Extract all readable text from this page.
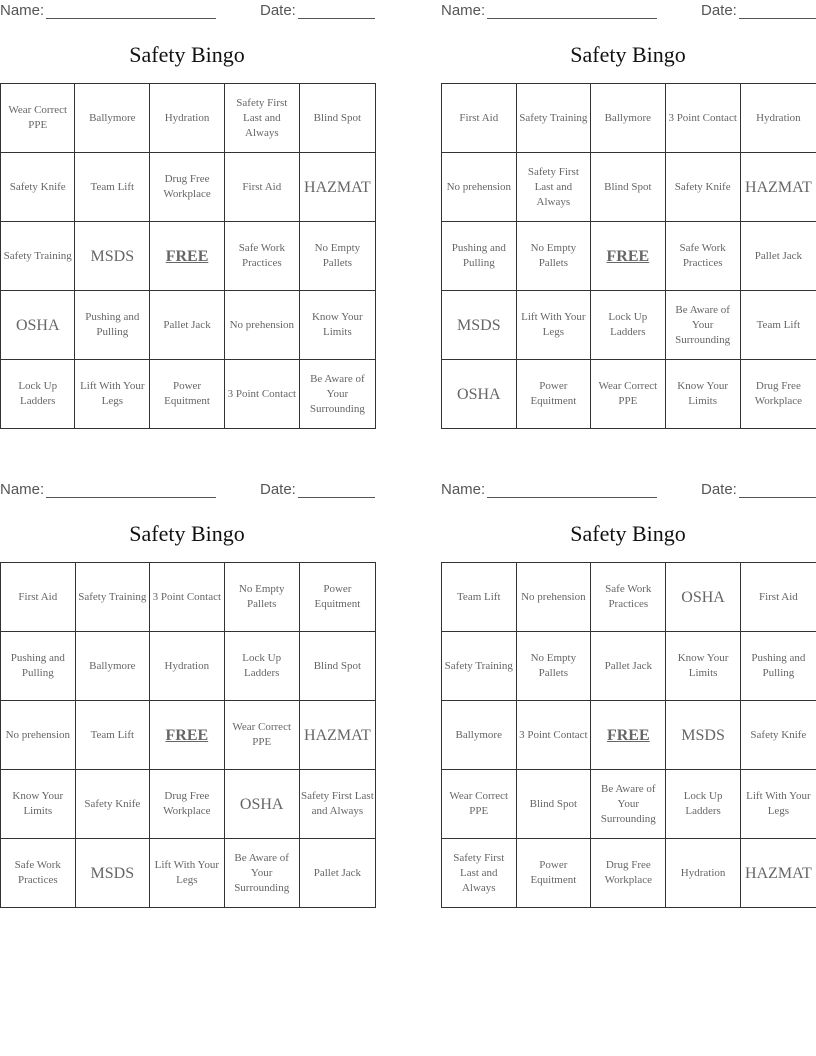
Name:	Date:
Safety Bingo
Wear Correct PPE	Ballymore	Hydration	Safety First Last and Always	Blind Spot
Safety Knife	Team Lift	Drug Free Workplace	First Aid	HAZMAT
Safety Training	MSDS	FREE	Safe Work Practices	No Empty Pallets
OSHA	Pushing and Pulling	Pallet Jack	No prehension	Know Your Limits
Lock Up Ladders	Lift With Your Legs	Power Equitment	3 Point Contact	Be Aware of Your Surrounding
Name:	Date:
Safety Bingo
First Aid	Safety Training	Ballymore	3 Point Contact	Hydration
No prehension	Safety First Last and Always	Blind Spot	Safety Knife	HAZMAT
Pushing and Pulling	No Empty Pallets	FREE	Safe Work Practices	Pallet Jack
MSDS	Lift With Your Legs	Lock Up Ladders	Be Aware of Your Surrounding	Team Lift
OSHA	Power Equitment	Wear Correct PPE	Know Your Limits	Drug Free Workplace
Name:	Date:
Safety Bingo
First Aid	Safety Training	3 Point Contact	No Empty Pallets	Power Equitment
Pushing and Pulling	Ballymore	Hydration	Lock Up Ladders	Blind Spot
No prehension	Team Lift	FREE	Wear Correct PPE	HAZMAT
Know Your Limits	Safety Knife	Drug Free Workplace	OSHA	Safety First Last and Always
Safe Work Practices	MSDS	Lift With Your Legs	Be Aware of Your Surrounding	Pallet Jack
Name:	Date:
Safety Bingo
Team Lift	No prehension	Safe Work Practices	OSHA	First Aid
Safety Training	No Empty Pallets	Pallet Jack	Know Your Limits	Pushing and Pulling
Ballymore	3 Point Contact	FREE	MSDS	Safety Knife
Wear Correct PPE	Blind Spot	Be Aware of Your Surrounding	Lock Up Ladders	Lift With Your Legs
Safety First Last and Always	Power Equitment	Drug Free Workplace	Hydration	HAZMAT
